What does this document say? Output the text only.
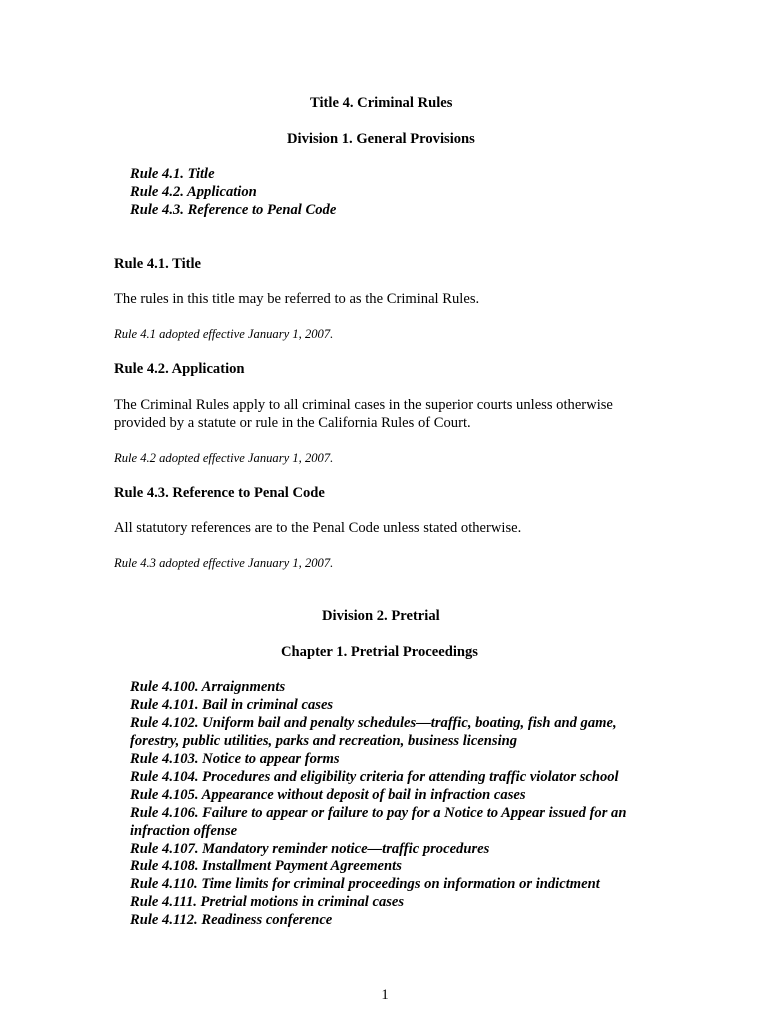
Title 4. Criminal Rules
Division 1. General Provisions
Rule 4.1. Title
Rule 4.2. Application
Rule 4.3. Reference to Penal Code
Rule 4.1. Title
The rules in this title may be referred to as the Criminal Rules.
Rule 4.1 adopted effective January 1, 2007.
Rule 4.2. Application
The Criminal Rules apply to all criminal cases in the superior courts unless otherwise
provided by a statute or rule in the California Rules of Court.
Rule 4.2 adopted effective January 1, 2007.
Rule 4.3. Reference to Penal Code
All statutory references are to the Penal Code unless stated otherwise.
Rule 4.3 adopted effective January 1, 2007.
Division 2. Pretrial
Chapter 1. Pretrial Proceedings
Rule 4.100. Arraignments
Rule 4.101. Bail in criminal cases
Rule 4.102. Uniform bail and penalty schedules—traffic, boating, fish and game,
forestry, public utilities, parks and recreation, business licensing
Rule 4.103. Notice to appear forms
Rule 4.104. Procedures and eligibility criteria for attending traffic violator school
Rule 4.105. Appearance without deposit of bail in infraction cases
Rule 4.106. Failure to appear or failure to pay for a Notice to Appear issued for an
infraction offense
Rule 4.107. Mandatory reminder notice—traffic procedures
Rule 4.108. Installment Payment Agreements
Rule 4.110. Time limits for criminal proceedings on information or indictment
Rule 4.111. Pretrial motions in criminal cases
Rule 4.112. Readiness conference
1
